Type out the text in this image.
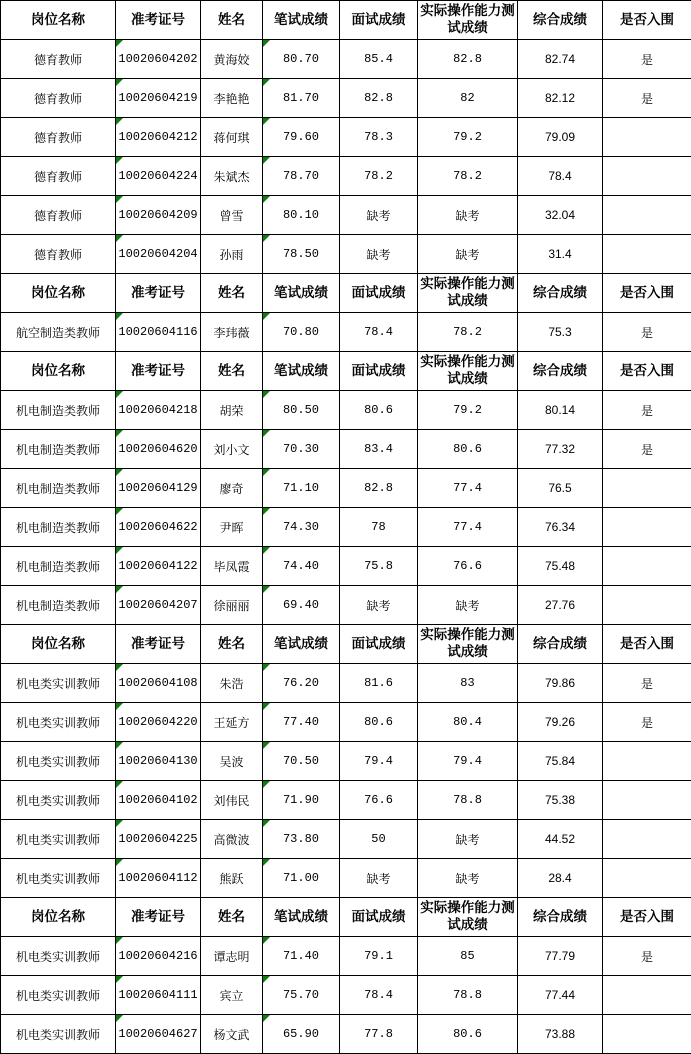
岗位名称	准考证号	姓名	笔试成绩	面试成绩	实际操作能力测试成绩	综合成绩	是否入围
德育教师	10020604202	黄海姣	80.70	85.4	82.8	82.74	是
德育教师	10020604219	李艳艳	81.70	82.8	82	82.12	是
德育教师	10020604212	蒋何琪	79.60	78.3	79.2	79.09	
德育教师	10020604224	朱斌杰	78.70	78.2	78.2	78.4	
德育教师	10020604209	曾雪	80.10	缺考	缺考	32.04	
德育教师	10020604204	孙雨	78.50	缺考	缺考	31.4	
岗位名称	准考证号	姓名	笔试成绩	面试成绩	实际操作能力测试成绩	综合成绩	是否入围
航空制造类教师	10020604116	李玮薇	70.80	78.4	78.2	75.3	是
岗位名称	准考证号	姓名	笔试成绩	面试成绩	实际操作能力测试成绩	综合成绩	是否入围
机电制造类教师	10020604218	胡荣	80.50	80.6	79.2	80.14	是
机电制造类教师	10020604620	刘小文	70.30	83.4	80.6	77.32	是
机电制造类教师	10020604129	廖奇	71.10	82.8	77.4	76.5	
机电制造类教师	10020604622	尹晖	74.30	78	77.4	76.34	
机电制造类教师	10020604122	毕凤霞	74.40	75.8	76.6	75.48	
机电制造类教师	10020604207	徐丽丽	69.40	缺考	缺考	27.76	
岗位名称	准考证号	姓名	笔试成绩	面试成绩	实际操作能力测试成绩	综合成绩	是否入围
机电类实训教师	10020604108	朱浩	76.20	81.6	83	79.86	是
机电类实训教师	10020604220	王延方	77.40	80.6	80.4	79.26	是
机电类实训教师	10020604130	吴波	70.50	79.4	79.4	75.84	
机电类实训教师	10020604102	刘伟民	71.90	76.6	78.8	75.38	
机电类实训教师	10020604225	高微波	73.80	50	缺考	44.52	
机电类实训教师	10020604112	熊跃	71.00	缺考	缺考	28.4	
岗位名称	准考证号	姓名	笔试成绩	面试成绩	实际操作能力测试成绩	综合成绩	是否入围
机电类实训教师	10020604216	谭志明	71.40	79.1	85	77.79	是
机电类实训教师	10020604111	宾立	75.70	78.4	78.8	77.44	
机电类实训教师	10020604627	杨文武	65.90	77.8	80.6	73.88	
